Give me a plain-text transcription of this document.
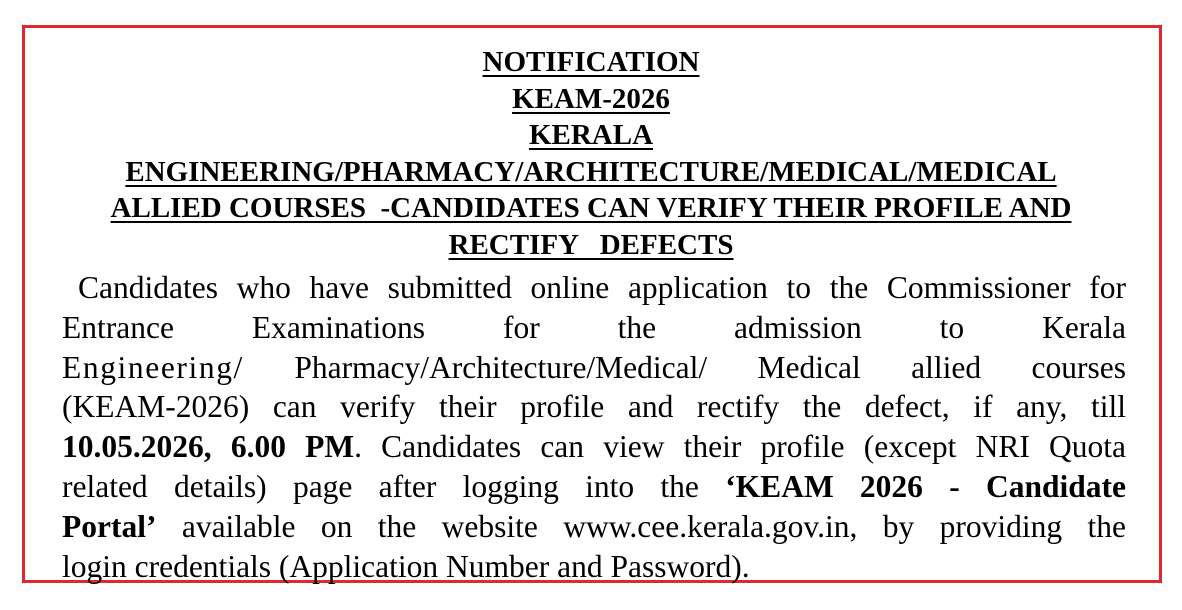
NOTIFICATION
KEAM-2026
KERALA
ENGINEERING/PHARMACY/ARCHITECTURE/MEDICAL/MEDICAL
ALLIED COURSES  -CANDIDATES CAN VERIFY THEIR PROFILE AND
RECTIFY   DEFECTS
Candidates who have submitted online application to the Commissioner for
Entrance Examinations for the admission to Kerala
Engineering/ Pharmacy/Architecture/Medical/ Medical allied courses
(KEAM-2026) can verify their profile and rectify the defect, if any, till
10.05.2026, 6.00 PM. Candidates can view their profile (except NRI Quota
related details) page after logging into the ‘KEAM 2026 - Candidate
Portal’ available on the website www.cee.kerala.gov.in, by providing the
login credentials (Application Number and Password).
